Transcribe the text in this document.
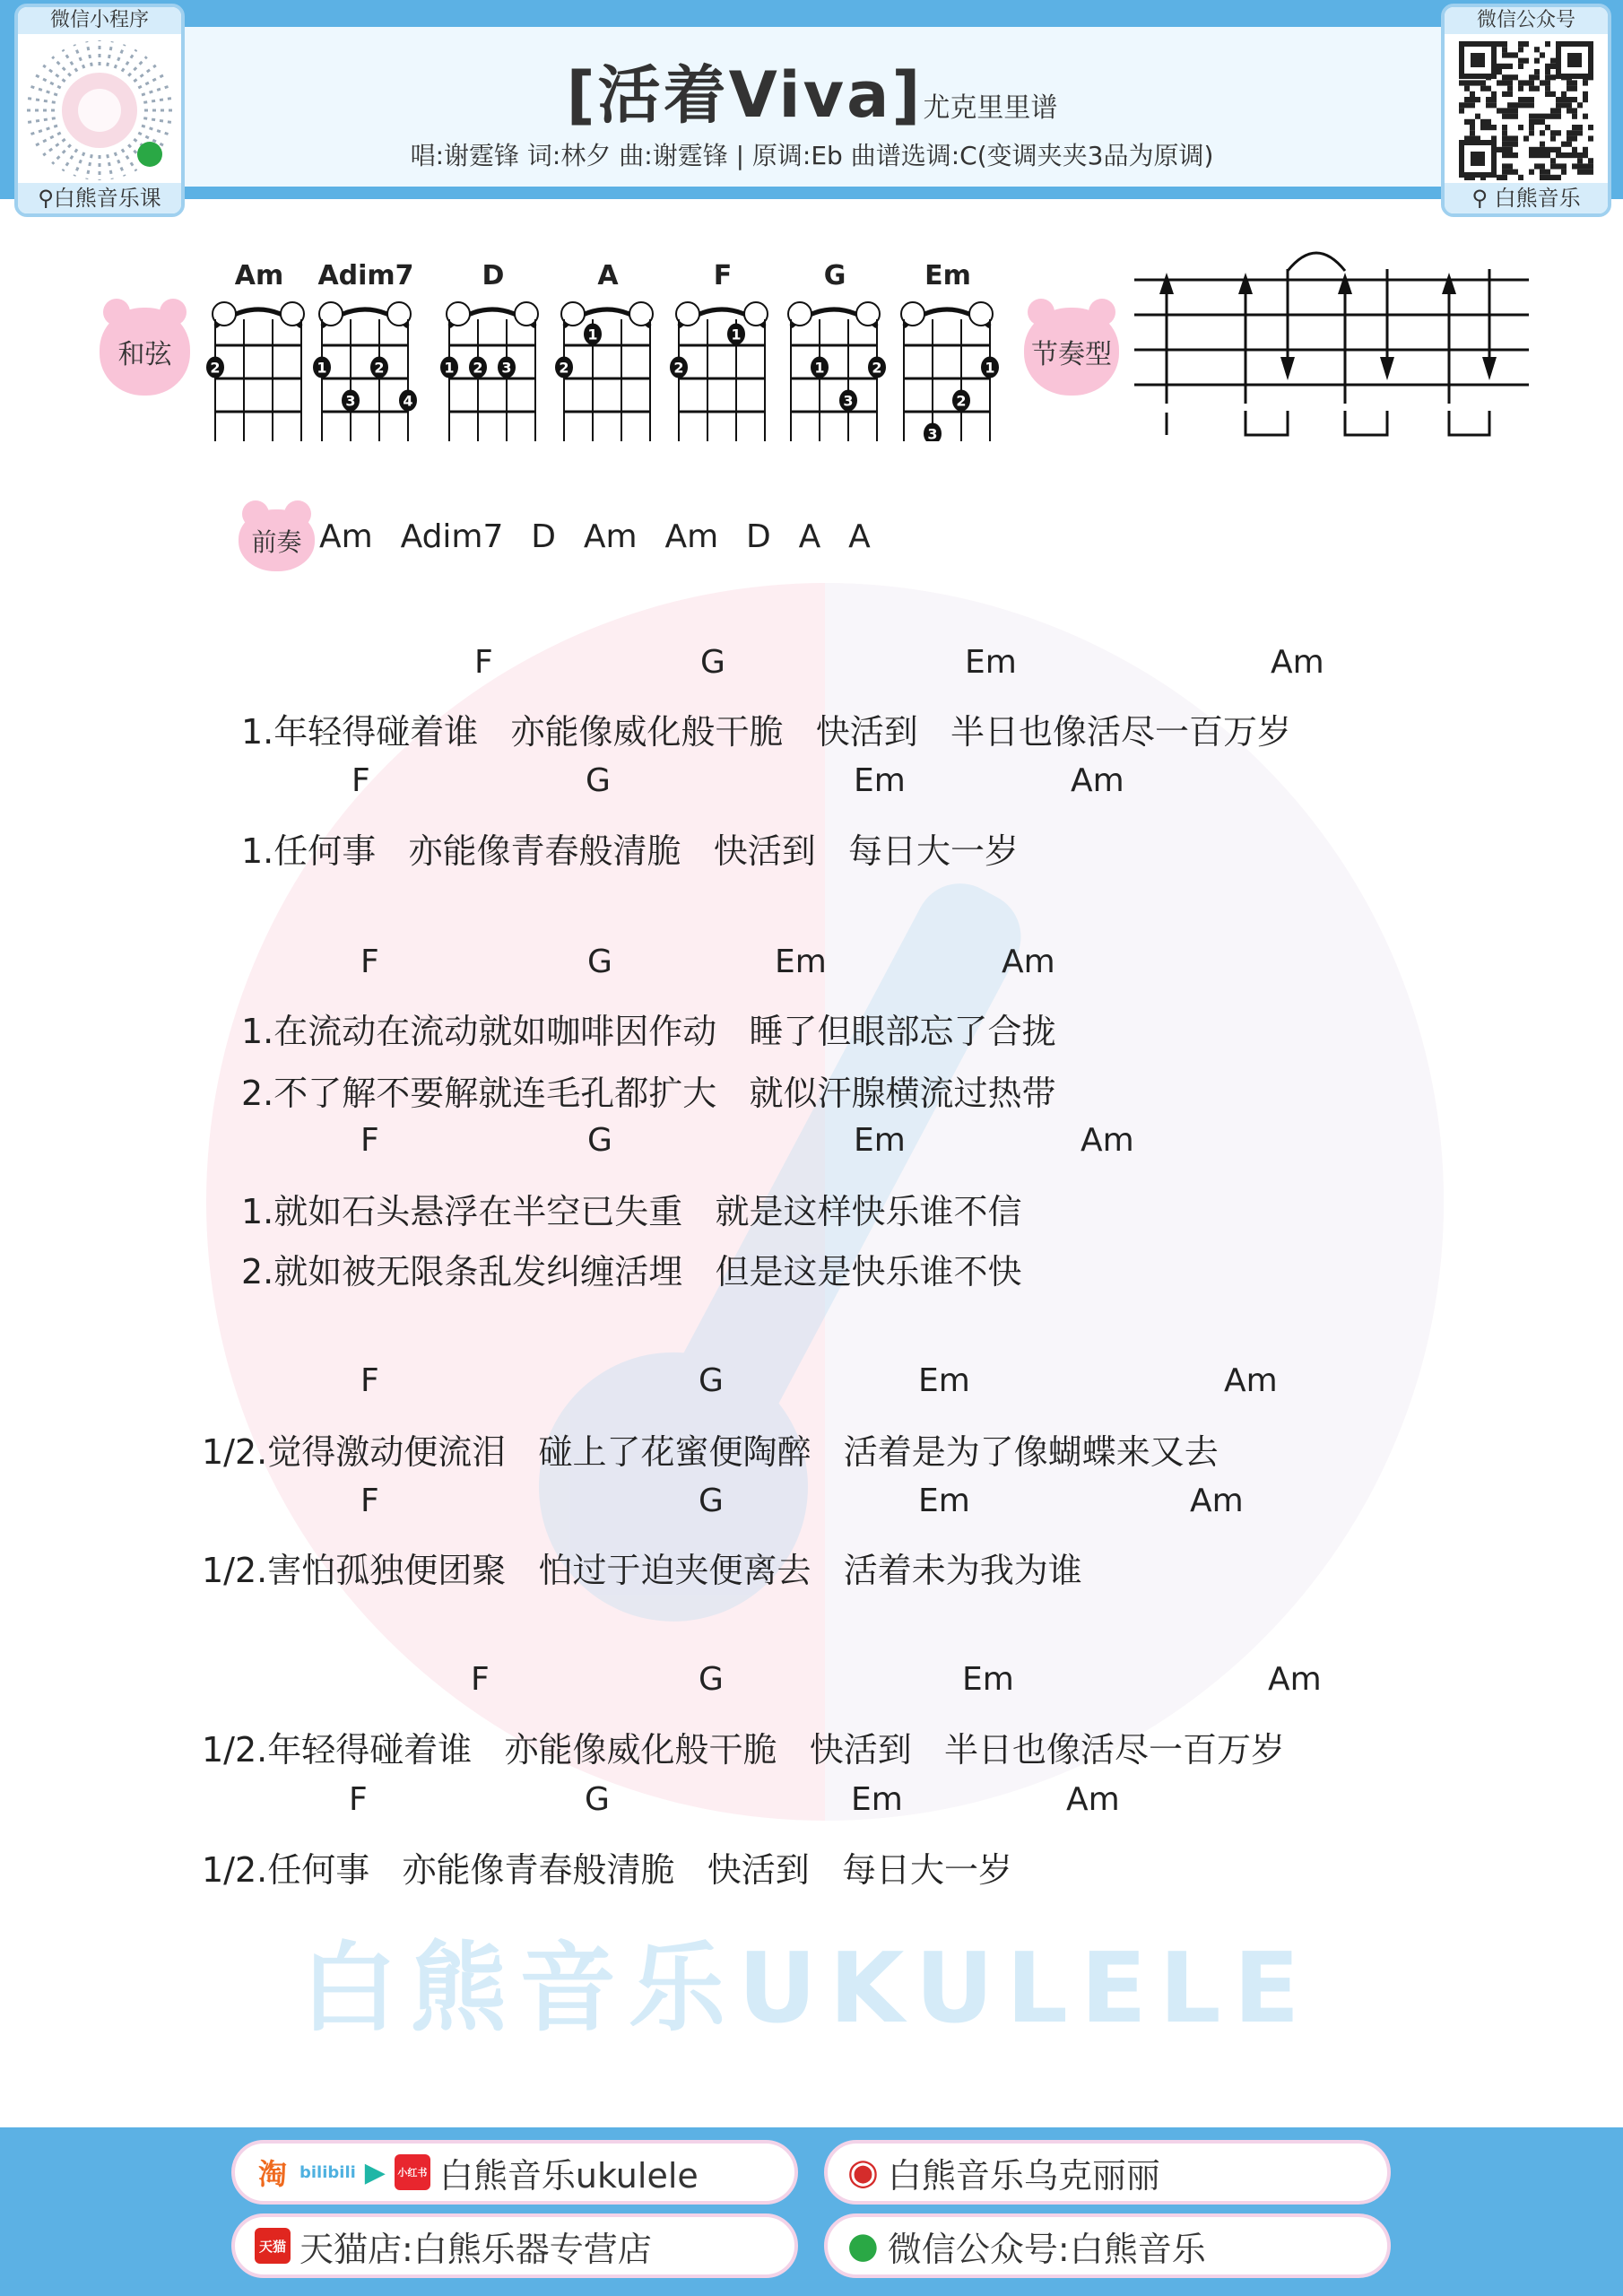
微信小程序
⚲白熊音乐课
微信公众号
⚲ 白熊音乐
[活着Viva]尤克里里谱
唱:谢霆锋 词:林夕 曲:谢霆锋 | 原调:Eb 曲谱选调:C(变调夹夹3品为原调)
和弦	节奏型
Am
2
Adim7
1	2
3	4
D
1 2 3
A
1
2
F
1
2
G
1	2
3
Em
1
2
3
前奏 Am  Adim7  D  Am  Am  D  A  A
F	G	Em	Am
1.年轻得碰着谁   亦能像威化般干脆   快活到   半日也像活尽一百万岁
F	G	Em	Am
1.任何事   亦能像青春般清脆   快活到   每日大一岁
F	G	Em	Am
1.在流动在流动就如咖啡因作动   睡了但眼部忘了合拢
2.不了解不要解就连毛孔都扩大   就似汗腺横流过热带
F	G	Em	Am
1.就如石头悬浮在半空已失重   就是这样快乐谁不信
2.就如被无限条乱发纠缠活埋   但是这是快乐谁不快
F	G	Em	Am
1/2.觉得激动便流泪   碰上了花蜜便陶醉   活着是为了像蝴蝶来又去
F	G	Em	Am
1/2.害怕孤独便团聚   怕过于迫夹便离去   活着未为我为谁
F	G	Em	Am
1/2.年轻得碰着谁   亦能像威化般干脆   快活到   半日也像活尽一百万岁
F	G	Em	Am
1/2.任何事   亦能像青春般清脆   快活到   每日大一岁
白熊音乐UKULELE
淘 bilibili ▶	小红书 白熊音乐ukulele	◉ 白熊音乐乌克丽丽
天猫 天猫店:白熊乐器专营店	● 微信公众号:白熊音乐
